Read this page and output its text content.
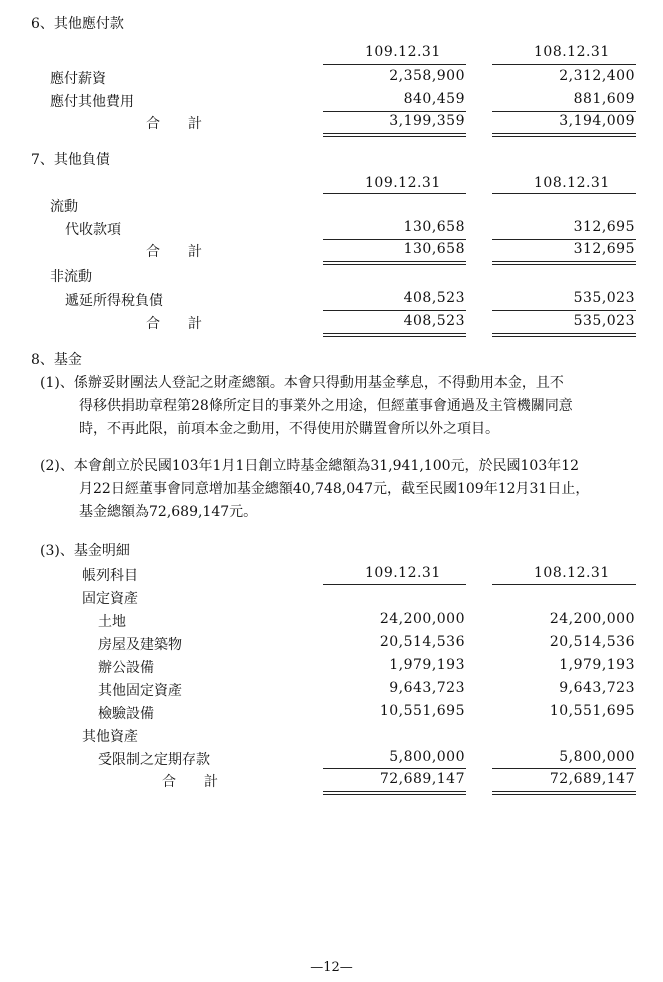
6、其他應付款
109.12.31	108.12.31
應付薪資	2,358,900	2,312,400
應付其他費用	840,459	881,609
合　　計	3,199,359	3,194,009
7、其他負債
109.12.31	108.12.31
流動
代收款項	130,658	312,695
合　　計	130,658	312,695
非流動
遞延所得稅負債	408,523	535,023
合　　計	408,523	535,023
8、基金
(1)、係辦妥財團法人登記之財產總額。本會只得動用基金孳息，不得動用本金，且不
得移供捐助章程第28條所定目的事業外之用途，但經董事會通過及主管機關同意
時，不再此限，前項本金之動用，不得使用於購置會所以外之項目。
(2)、本會創立於民國103年1月1日創立時基金總額為31,941,100元，於民國103年12
月22日經董事會同意增加基金總額40,748,047元，截至民國109年12月31日止，
基金總額為72,689,147元。
(3)、基金明細
帳列科目	109.12.31	108.12.31
固定資產
土地	24,200,000	24,200,000
房屋及建築物	20,514,536	20,514,536
辦公設備	1,979,193	1,979,193
其他固定資產	9,643,723	9,643,723
檢驗設備	10,551,695	10,551,695
其他資產
受限制之定期存款	5,800,000	5,800,000
合　　計	72,689,147	72,689,147
—12—
